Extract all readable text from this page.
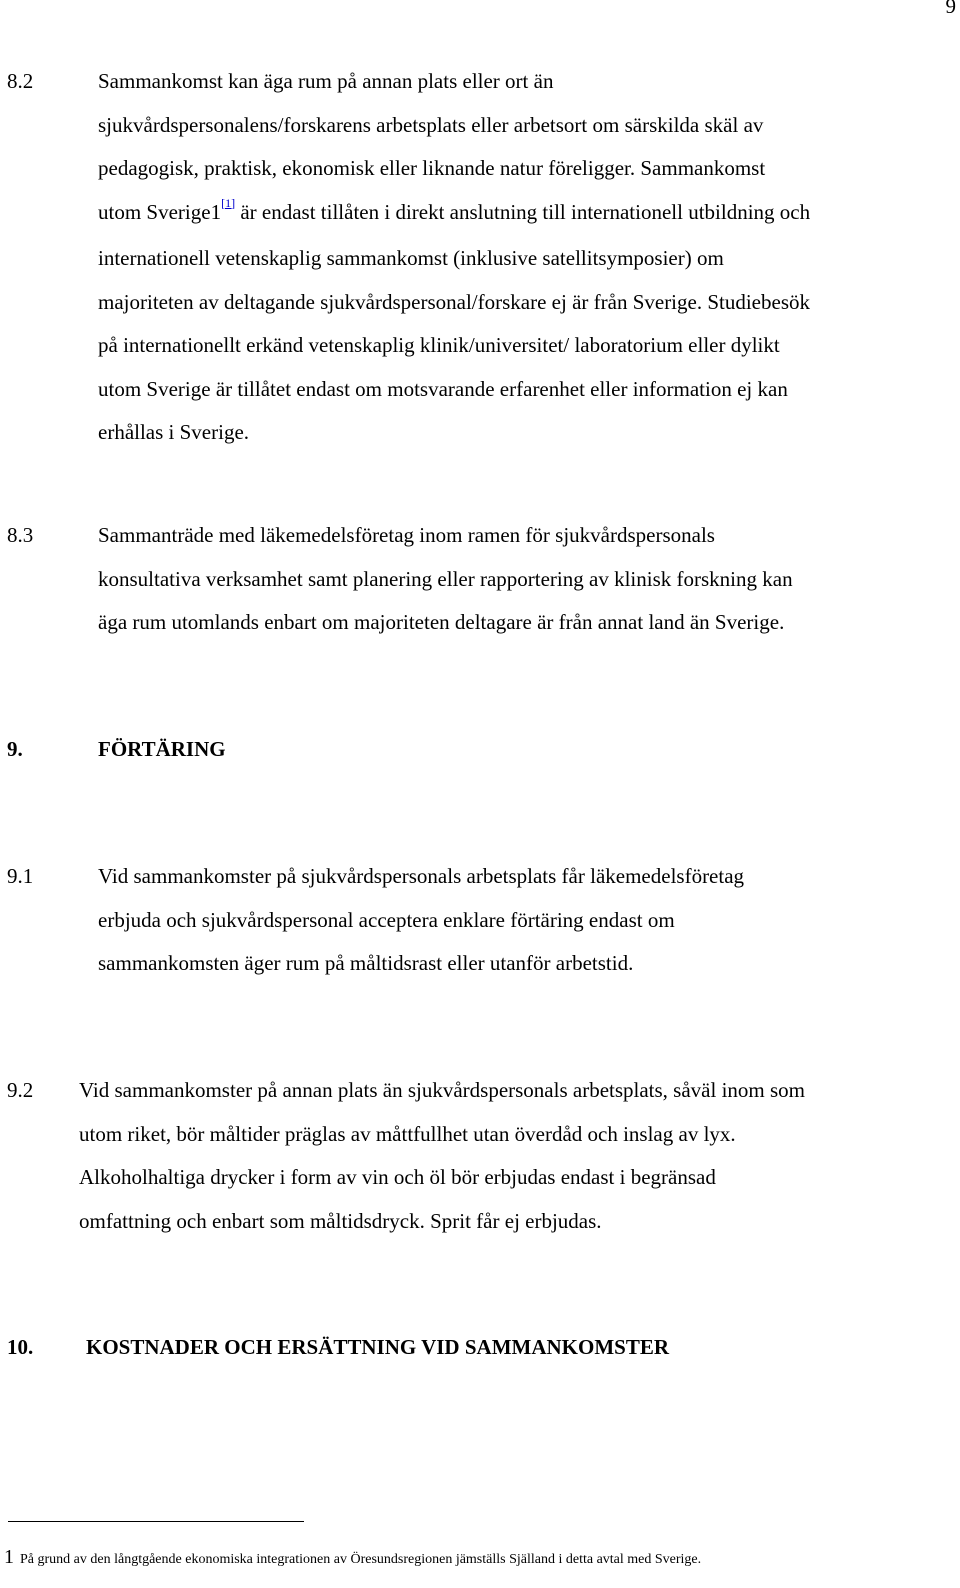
9
8.2	Sammankomst kan äga rum på annan plats eller ort än

sjukvårdspersonalens/forskarens arbetsplats eller arbetsort om särskilda skäl av

pedagogisk, praktisk, ekonomisk eller liknande natur föreligger. Sammankomst

utom Sverige1[1] är endast tillåten i direkt anslutning till internationell utbildning och

internationell vetenskaplig sammankomst (inklusive satellitsymposier) om

majoriteten av deltagande sjukvårdspersonal/forskare ej är från Sverige. Studiebesök

på internationellt erkänd vetenskaplig klinik/universitet/ laboratorium eller dylikt

utom Sverige är tillåtet endast om motsvarande erfarenhet eller information ej kan

erhållas i Sverige.

8.3	Sammanträde med läkemedelsföretag inom ramen för sjukvårdspersonals

konsultativa verksamhet samt planering eller rapportering av klinisk forskning kan

äga rum utomlands enbart om majoriteten deltagare är från annat land än Sverige.

9.	FÖRTÄRING
9.1	Vid sammankomster på sjukvårdspersonals arbetsplats får läkemedelsföretag

erbjuda och sjukvårdspersonal acceptera enklare förtäring endast om

sammankomsten äger rum på måltidsrast eller utanför arbetstid.

9.2 Vid sammankomster på annan plats än sjukvårdspersonals arbetsplats, såväl inom som

utom riket, bör måltider präglas av måttfullhet utan överdåd och inslag av lyx.

Alkoholhaltiga drycker i form av vin och öl bör erbjudas endast i begränsad

omfattning och enbart som måltidsdryck. Sprit får ej erbjudas.

10.	KOSTNADER OCH ERSÄTTNING VID SAMMANKOMSTER
1 På grund av den långtgående ekonomiska integrationen av Öresundsregionen jämställs Själland i detta avtal med Sverige.
